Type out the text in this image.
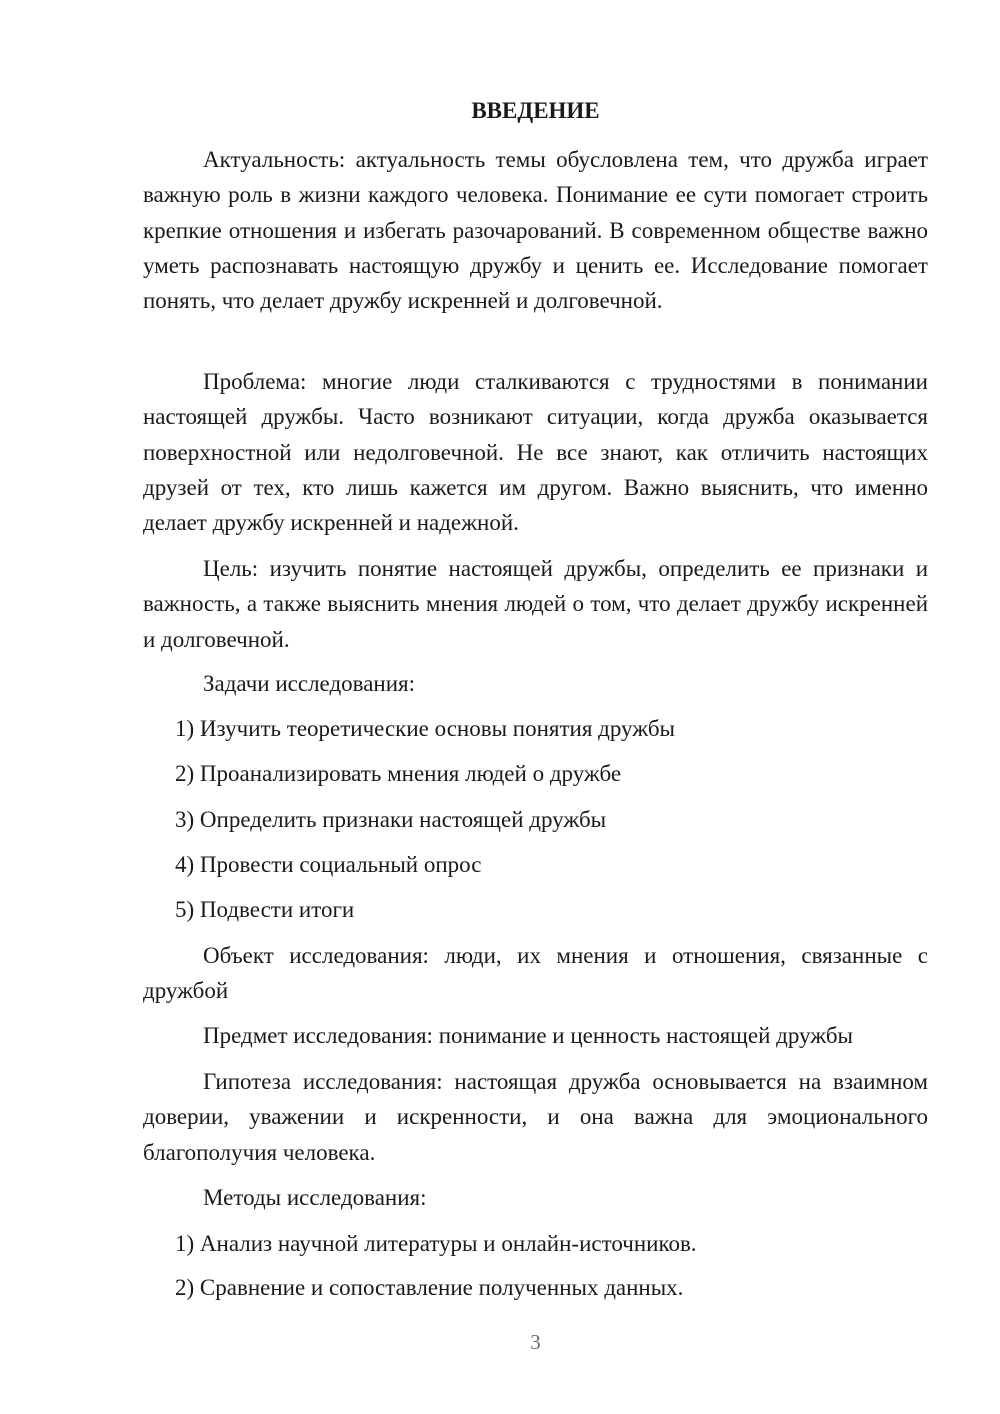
ВВЕДЕНИЕ

Актуальность: актуальность темы обусловлена тем, что дружба играет важную роль в жизни каждого человека. Понимание ее сути помогает строить крепкие отношения и избегать разочарований. В современном обществе важно уметь распознавать настоящую дружбу и ценить ее. Исследование помогает понять, что делает дружбу искренней и долговечной.

Проблема: многие люди сталкиваются с трудностями в понимании настоящей дружбы. Часто возникают ситуации, когда дружба оказывается поверхностной или недолговечной. Не все знают, как отличить настоящих друзей от тех, кто лишь кажется им другом. Важно выяснить, что именно делает дружбу искренней и надежной.

Цель: изучить понятие настоящей дружбы, определить ее признаки и важность, а также выяснить мнения людей о том, что делает дружбу искренней и долговечной.

Задачи исследования:

1) Изучить теоретические основы понятия дружбы

2) Проанализировать мнения людей о дружбе

3) Определить признаки настоящей дружбы

4) Провести социальный опрос

5) Подвести итоги

Объект исследования: люди, их мнения и отношения, связанные с дружбой

Предмет исследования: понимание и ценность настоящей дружбы

Гипотеза исследования: настоящая дружба основывается на взаимном доверии, уважении и искренности, и она важна для эмоционального благополучия человека.

Методы исследования:

1) Анализ научной литературы и онлайн-источников.

2) Сравнение и сопоставление полученных данных.

3
